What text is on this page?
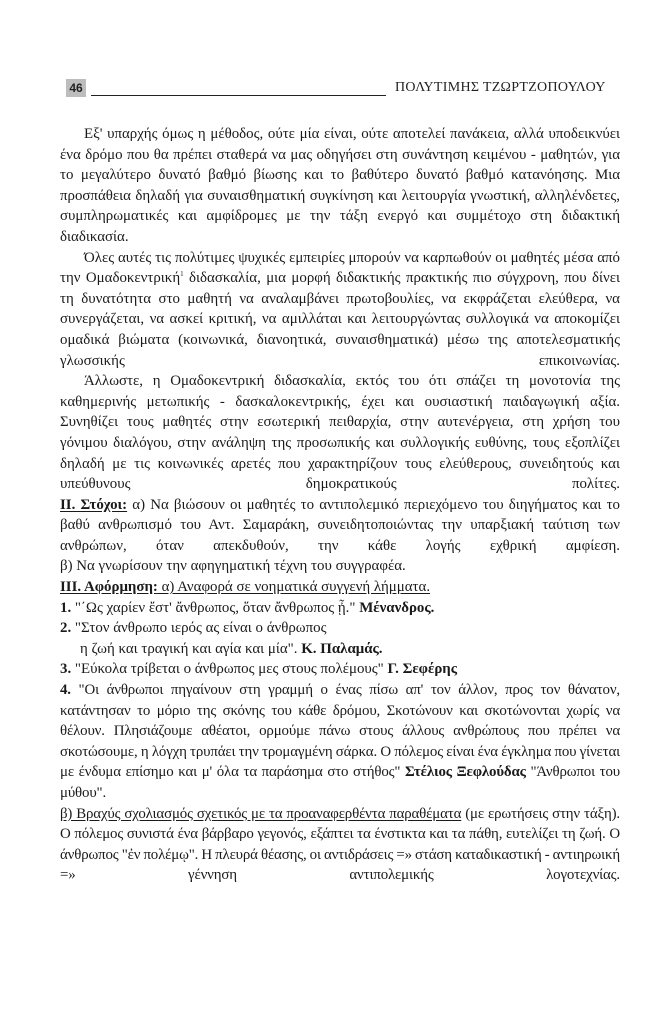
46	ΠΟΛΥΤΙΜΗΣ ΤΖΩΡΤΖΟΠΟΥΛΟΥ

Εξ' υπαρχής όμως η μέθοδος, ούτε μία είναι, ούτε αποτελεί πανάκεια, αλλά υποδεικνύει ένα δρόμο που θα πρέπει σταθερά να μας οδηγήσει στη συνάντηση κειμένου - μαθητών, για το μεγαλύτερο δυνατό βαθμό βίωσης και το βαθύτερο δυνατό βαθμό κατανόησης. Μια προσπάθεια δηλαδή για συναισθηματική συγκίνηση και λειτουργία γνωστική, αλληλένδετες, συμπληρωματικές και αμφίδρομες με την τάξη ενεργό και συμμέτοχο στη διδακτική διαδικασία.

Όλες αυτές τις πολύτιμες ψυχικές εμπειρίες μπορούν να καρπωθούν οι μαθητές μέσα από την Ομαδοκεντρική$^1$ διδασκαλία, μια μορφή διδακτικής πρακτικής πιο σύγχρονη, που δίνει τη δυνατότητα στο μαθητή να αναλαμβάνει πρωτοβουλίες, να εκφράζεται ελεύθερα, να συνεργάζεται, να ασκεί κριτική, να αμιλλάται και λειτουργώντας συλλογικά να αποκομίζει ομαδικά βιώματα (κοινωνικά, διανοητικά, συναισθηματικά) μέσω της αποτελεσματικής γλωσσικής επικοινωνίας.

Άλλωστε, η Ομαδοκεντρική διδασκαλία, εκτός του ότι σπάζει τη μονοτονία της καθημερινής μετωπικής - δασκαλοκεντρικής, έχει και ουσιαστική παιδαγωγική αξία. Συνηθίζει τους μαθητές στην εσωτερική πειθαρχία, στην αυτενέργεια, στη χρήση του γόνιμου διαλόγου, στην ανάληψη της προσωπικής και συλλογικής ευθύνης, τους εξοπλίζει δηλαδή με τις κοινωνικές αρετές που χαρακτηρίζουν τους ελεύθερους, συνειδητούς και υπεύθυνους δημοκρατικούς πολίτες.

ΙΙ. Στόχοι: α) Να βιώσουν οι μαθητές το αντιπολεμικό περιεχόμενο του διηγήματος και το βαθύ ανθρωπισμό του Αντ. Σαμαράκη, συνειδητοποιώντας την υπαρξιακή ταύτιση των ανθρώπων, όταν απεκδυθούν, την κάθε λογής εχθρική αμφίεση.

β) Να γνωρίσουν την αφηγηματική τέχνη του συγγραφέα.

ΙΙΙ. Αφόρμηση: α) Αναφορά σε νοηματικά συγγενή λήμματα.

1. "΄Ως χαρίεν ἔστ' ἄνθρωπος, ὅταν ἄνθρωπος ᾖ." Μένανδρος.

2. "Στον άνθρωπο ιερός ας είναι ο άνθρωπος

η ζωή και τραγική και αγία και μία". Κ. Παλαμάς.

3. "Εύκολα τρίβεται ο άνθρωπος μες στους πολέμους" Γ. Σεφέρης

4. "Οι άνθρωποι πηγαίνουν στη γραμμή ο ένας πίσω απ' τον άλλον, προς τον θάνατον, κατάντησαν το μόριο της σκόνης του κάθε δρόμου, Σκοτώνουν και σκοτώνονται χωρίς να θέλουν. Πλησιάζουμε αθέατοι, ορμούμε πάνω στους άλλους ανθρώπους που πρέπει να σκοτώσουμε, η λόγχη τρυπάει την τρομαγμένη σάρκα. Ο πόλεμος είναι ένα έγκλημα που γίνεται με ένδυμα επίσημο και μ' όλα τα παράσημα στο στήθος" Στέλιος Ξεφλούδας "Άνθρωποι του μύθου".

β) Βραχύς σχολιασμός σχετικός με τα προαναφερθέντα παραθέματα (με ερωτήσεις στην τάξη). Ο πόλεμος συνιστά ένα βάρβαρο γεγονός, εξάπτει τα ένστικτα και τα πάθη, ευτελίζει τη ζωή. Ο άνθρωπος "ἐν πολέμῳ". Η πλευρά θέασης, οι αντιδράσεις =» στάση καταδικαστική - αντιηρωική =» γέννηση αντιπολεμικής λογοτεχνίας.
